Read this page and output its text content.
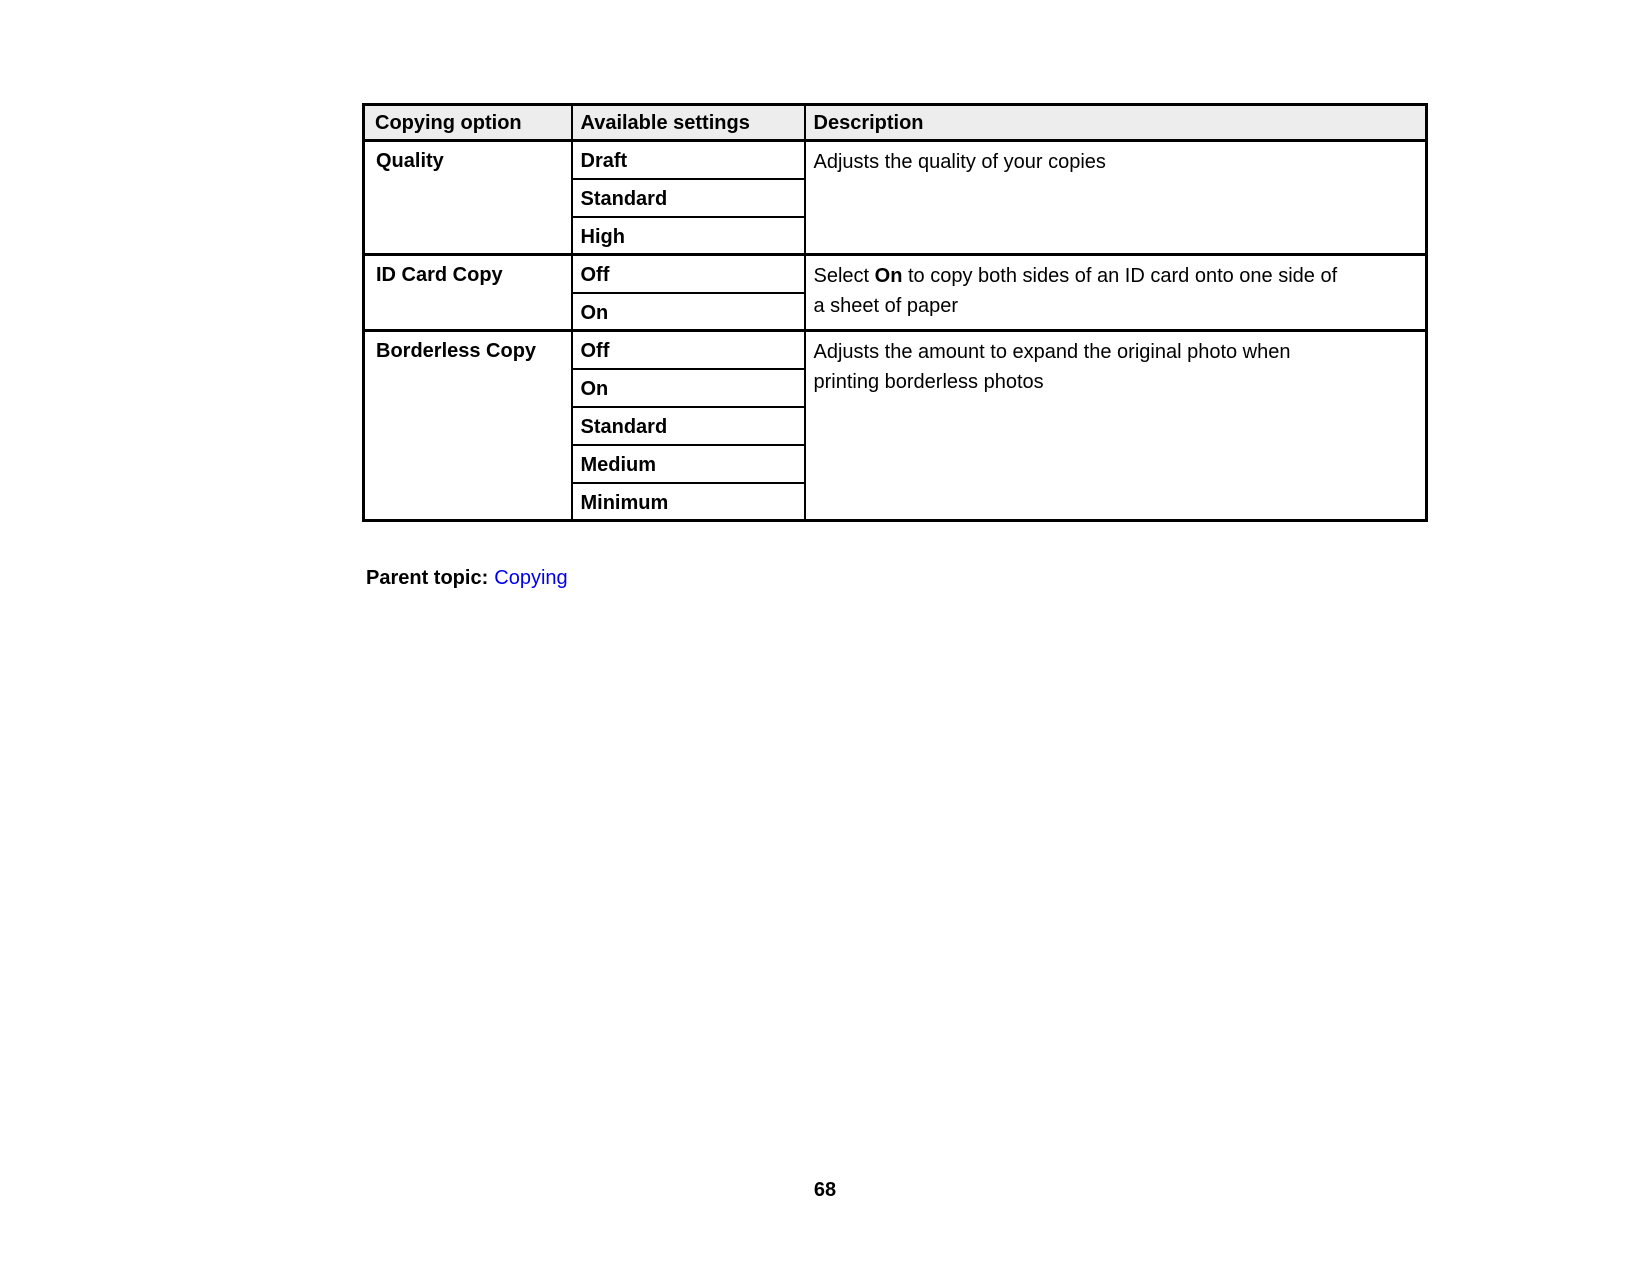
Copying option	Available settings	Description
Quality	Draft	Adjusts the quality of your copies

	Standard	
	High	
ID Card Copy	Off	Select On to copy both sides of an ID card onto one side of
a sheet of paper

	On	
Borderless Copy	Off	Adjusts the amount to expand the original photo when
printing borderless photos

	On	
	Standard	
	Medium	
	Minimum	

Parent topic: Copying

68
